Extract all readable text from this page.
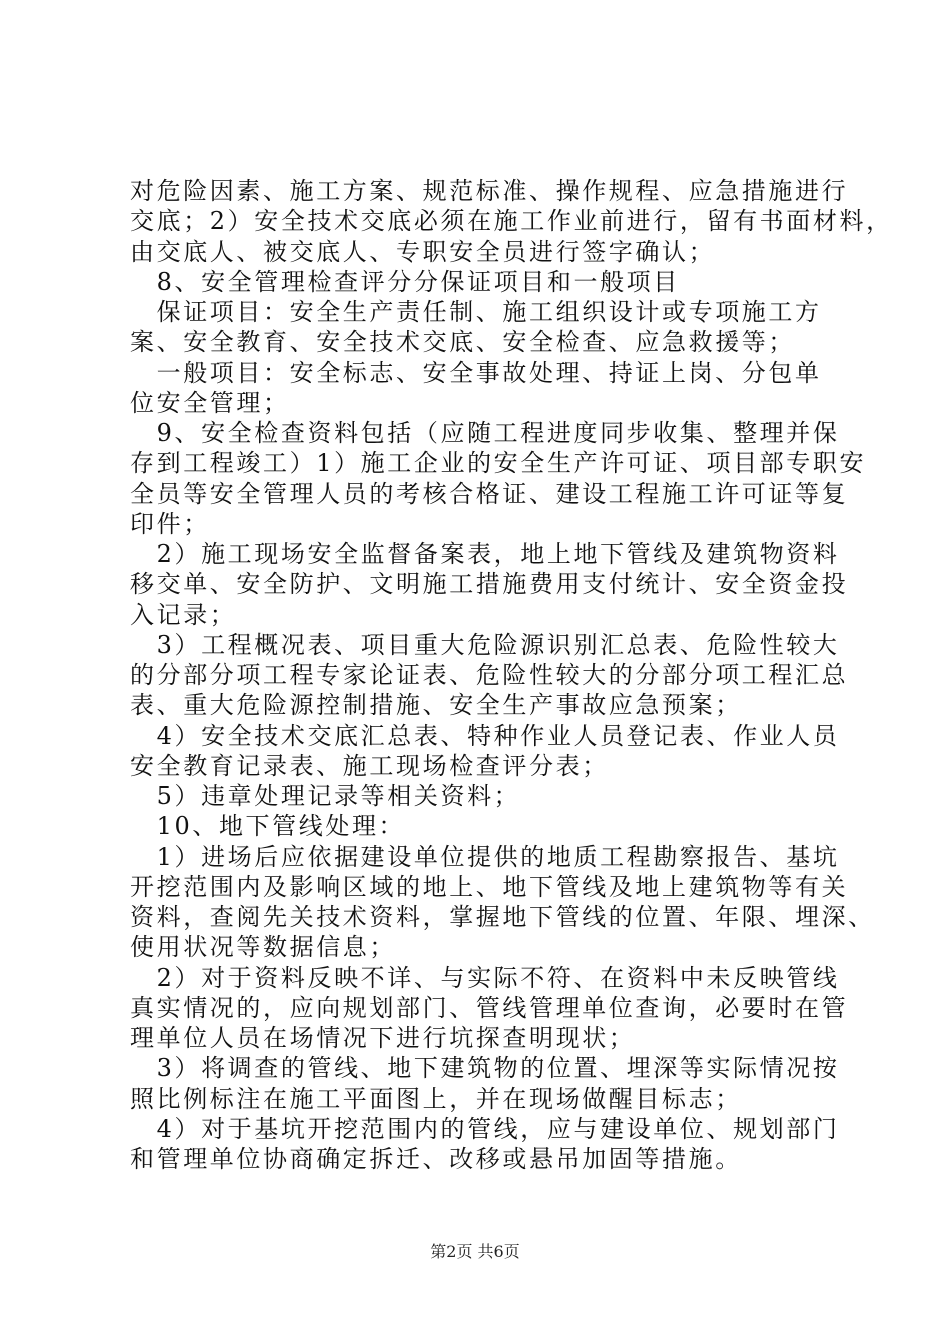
对危险因素、施工方案、规范标准、操作规程、应急措施进行
交底；2）安全技术交底必须在施工作业前进行，留有书面材料，
由交底人、被交底人、专职安全员进行签字确认；
　8、安全管理检查评分分保证项目和一般项目
　保证项目：安全生产责任制、施工组织设计或专项施工方
案、安全教育、安全技术交底、安全检查、应急救援等；
　一般项目：安全标志、安全事故处理、持证上岗、分包单
位安全管理；
　9、安全检查资料包括（应随工程进度同步收集、整理并保
存到工程竣工）1）施工企业的安全生产许可证、项目部专职安
全员等安全管理人员的考核合格证、建设工程施工许可证等复
印件；
　2）施工现场安全监督备案表，地上地下管线及建筑物资料
移交单、安全防护、文明施工措施费用支付统计、安全资金投
入记录；
　3）工程概况表、项目重大危险源识别汇总表、危险性较大
的分部分项工程专家论证表、危险性较大的分部分项工程汇总
表、重大危险源控制措施、安全生产事故应急预案；
　4）安全技术交底汇总表、特种作业人员登记表、作业人员
安全教育记录表、施工现场检查评分表；
　5）违章处理记录等相关资料；
　10、地下管线处理：
　1）进场后应依据建设单位提供的地质工程勘察报告、基坑
开挖范围内及影响区域的地上、地下管线及地上建筑物等有关
资料，查阅先关技术资料，掌握地下管线的位置、年限、埋深、
使用状况等数据信息；
　2）对于资料反映不详、与实际不符、在资料中未反映管线
真实情况的，应向规划部门、管线管理单位查询，必要时在管
理单位人员在场情况下进行坑探查明现状；
　3）将调查的管线、地下建筑物的位置、埋深等实际情况按
照比例标注在施工平面图上，并在现场做醒目标志；
　4）对于基坑开挖范围内的管线，应与建设单位、规划部门
和管理单位协商确定拆迁、改移或悬吊加固等措施。
第2页 共6页
